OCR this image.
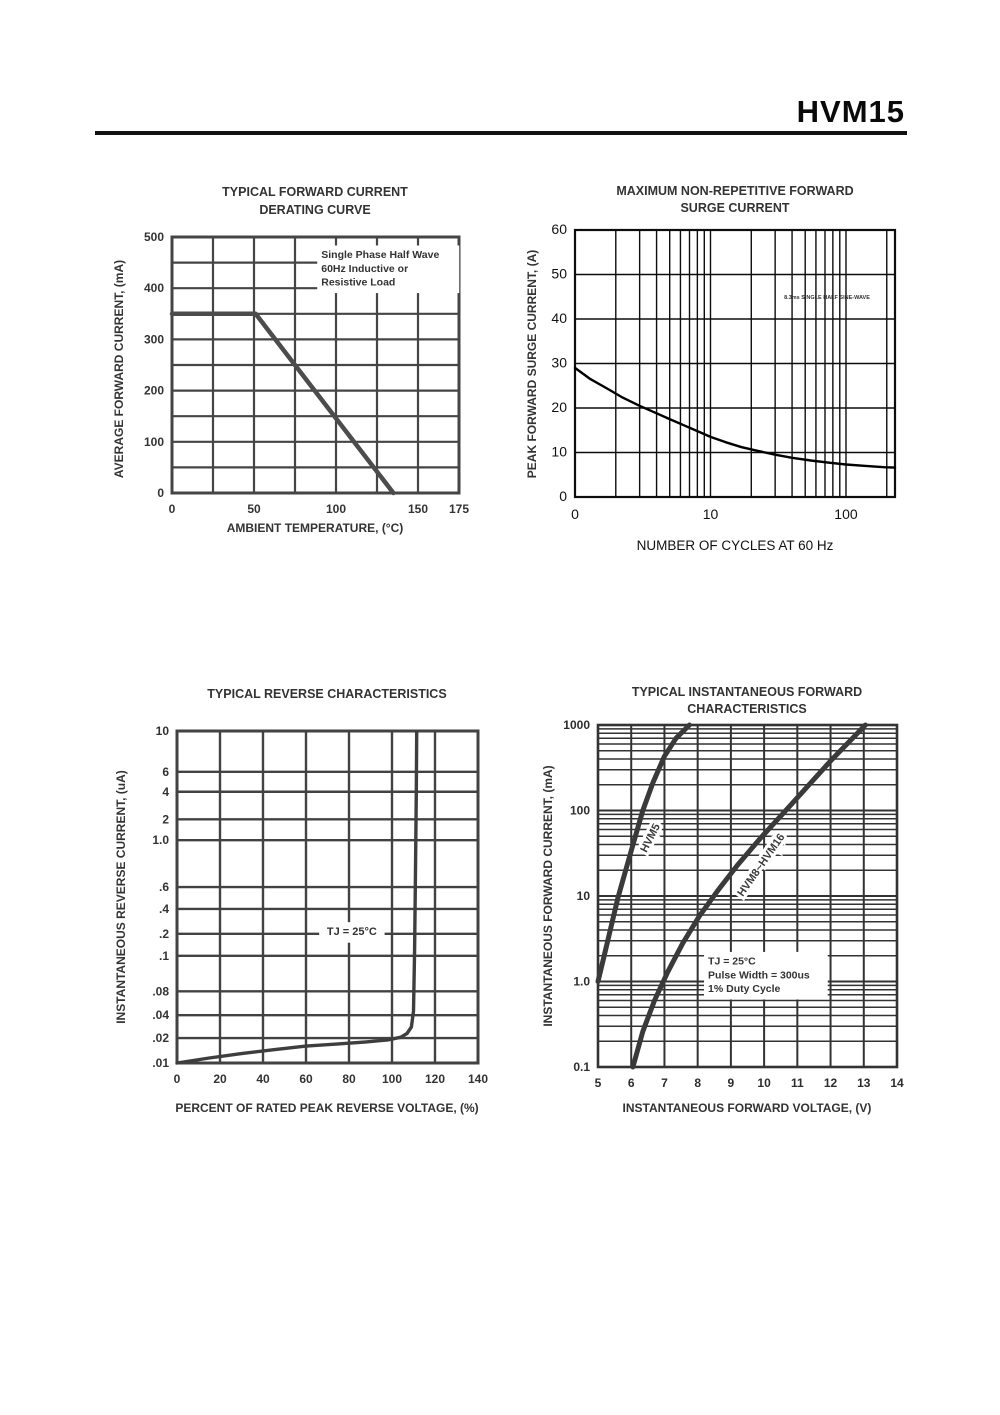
HVM15
TYPICAL FORWARD CURRENT
DERATING CURVE
AMBIENT TEMPERATURE, (°C)
AVERAGE FORWARD CURRENT, (mA)
0	50	100	150 175
0
100
200
300
400
500
Single Phase Half Wave
60Hz Inductive or
Resistive Load
MAXIMUM NON-REPETITIVE FORWARD
SURGE CURRENT
NUMBER OF CYCLES AT 60 Hz
PEAK FORWARD SURGE CURRENT, (A)
0	10	100
0
10
20
30
40
50
60
8.3ms SINGLE HALF SINE-WAVE
TYPICAL REVERSE CHARACTERISTICS
PERCENT OF RATED PEAK REVERSE VOLTAGE, (%)
INSTANTANEOUS REVERSE CURRENT, (uA)
0	20 40 60 80 100 120 140
10
6
4
2
1.0
.6
.4
.2
.1
.08
.04
.02
.01
TJ = 25°C
TYPICAL INSTANTANEOUS FORWARD
CHARACTERISTICS
INSTANTANEOUS FORWARD VOLTAGE, (V)
INSTANTANEOUS FORWARD CURRENT, (mA)
5 6 7 8 9 10 11 12 13 14
1000
100
10
1.0
0.1
TJ = 25°C
Pulse Width = 300us
1% Duty Cycle
HVM5	HVM8~HVM16
